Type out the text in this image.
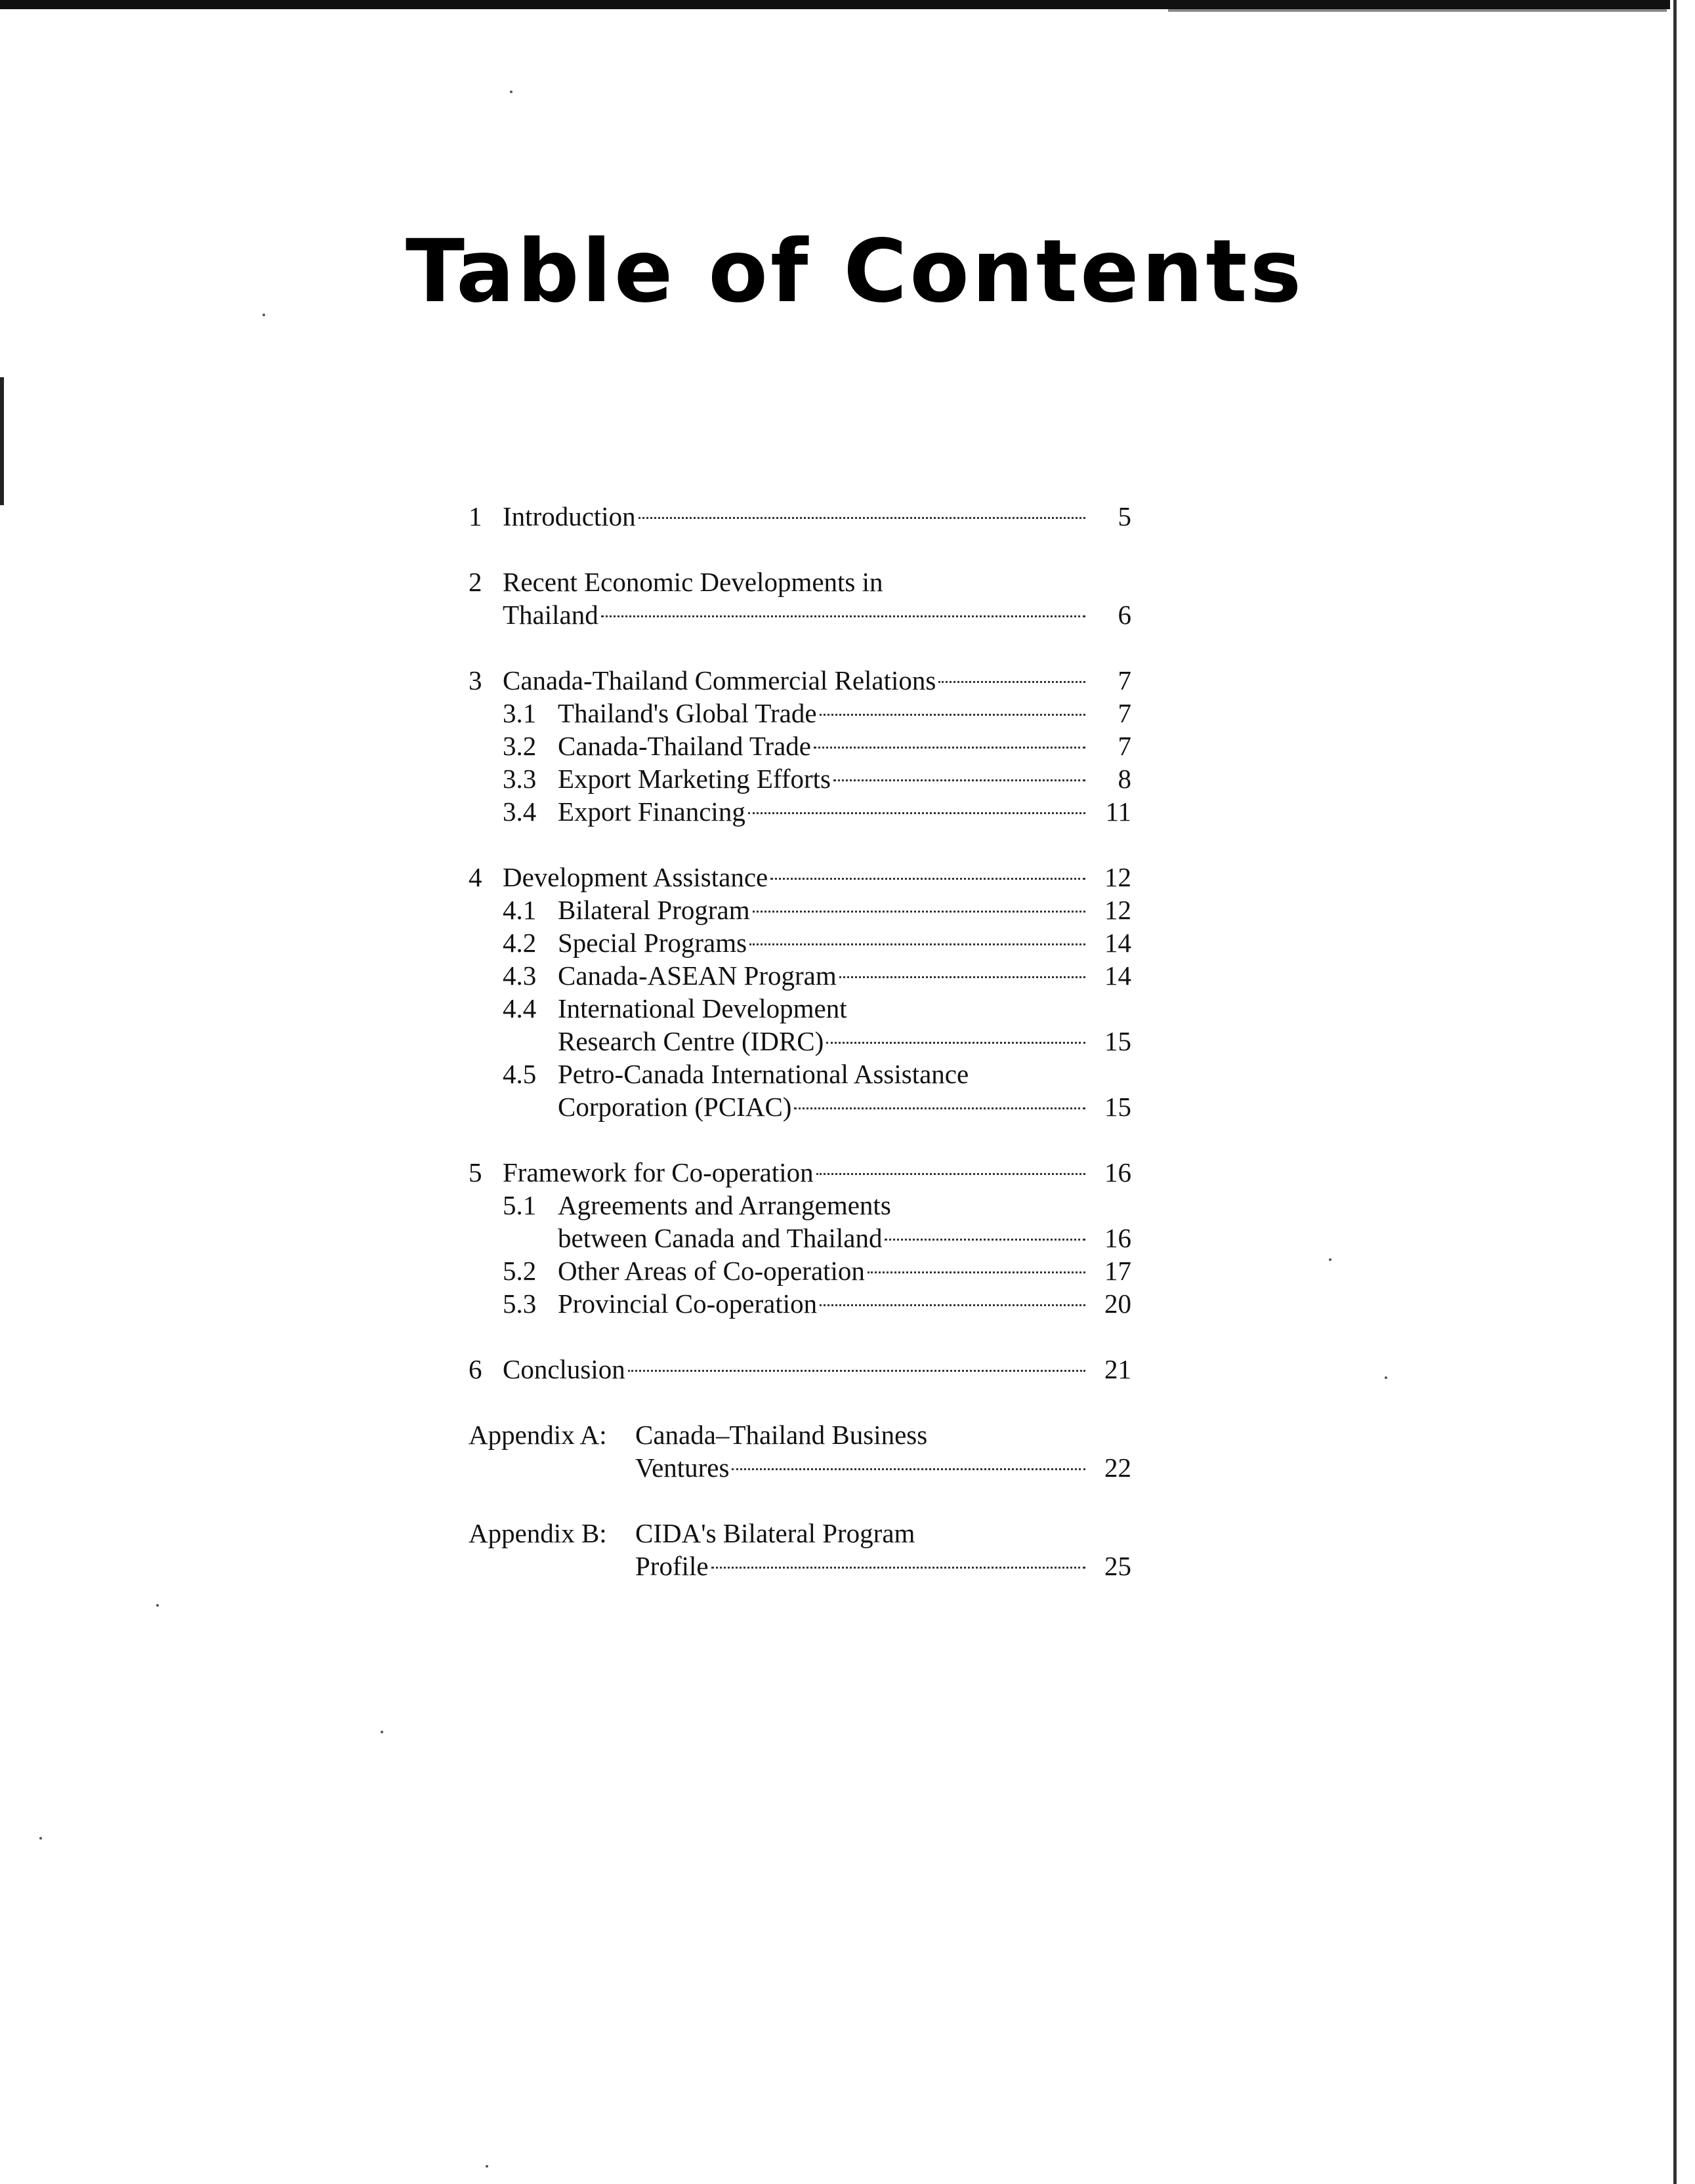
Table of Contents
1 Introduction	5
2 Recent Economic Developments in
Thailand	6
3 Canada-Thailand Commercial Relations	7
3.1 Thailand's Global Trade	7
3.2 Canada-Thailand Trade	7
3.3 Export Marketing Efforts	8
3.4 Export Financing	11
4 Development Assistance	12
4.1 Bilateral Program	12
4.2 Special Programs	14
4.3 Canada-ASEAN Program	14
4.4 International Development
Research Centre (IDRC)	15
4.5 Petro-Canada International Assistance
Corporation (PCIAC)	15
5 Framework for Co-operation	16
5.1 Agreements and Arrangements
between Canada and Thailand	16
5.2 Other Areas of Co-operation	17
5.3 Provincial Co-operation	20
6 Conclusion	21
Appendix A:	Canada–Thailand Business
Ventures	22
Appendix B:	CIDA's Bilateral Program
Profile	25
